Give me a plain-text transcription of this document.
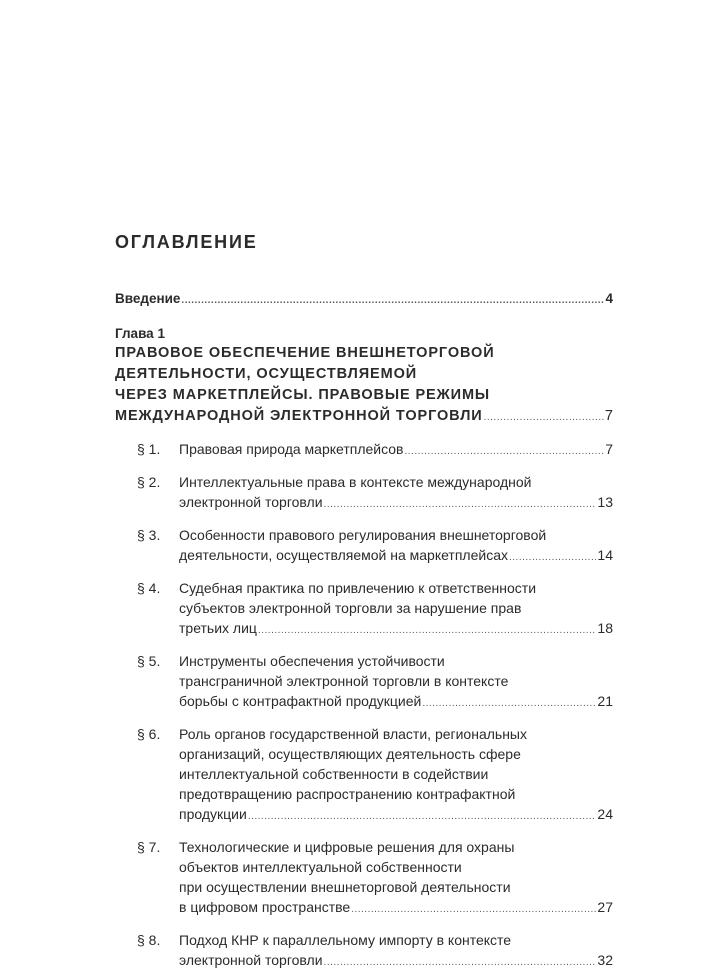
ОГЛАВЛЕНИЕ
Введение .....	4
Глава 1
ПРАВОВОЕ ОБЕСПЕЧЕНИЕ ВНЕШНЕТОРГОВОЙ
ДЕЯТЕЛЬНОСТИ, ОСУЩЕСТВЛЯЕМОЙ
ЧЕРЕЗ МАРКЕТПЛЕЙСЫ. ПРАВОВЫЕ РЕЖИМЫ
МЕЖДУНАРОДНОЙ ЭЛЕКТРОННОЙ ТОРГОВЛИ .....	7
§ 1. Правовая природа маркетплейсов .....	7
§ 2. Интеллектуальные права в контексте международной
электронной торговли .....	13
§ 3. Особенности правового регулирования внешнеторговой
деятельности, осуществляемой на маркетплейсах .....	14
§ 4. Судебная практика по привлечению к ответственности
субъектов электронной торговли за нарушение прав
третьих лиц .....	18
§ 5. Инструменты обеспечения устойчивости
трансграничной электронной торговли в контексте
борьбы с контрафактной продукцией .....	21
§ 6. Роль органов государственной власти, региональных
организаций, осуществляющих деятельность сфере
интеллектуальной собственности в содействии
предотвращению распространению контрафактной
продукции .....	24
§ 7. Технологические и цифровые решения для охраны
объектов интеллектуальной собственности
при осуществлении внешнеторговой деятельности
в цифровом пространстве .....	27
§ 8. Подход КНР к параллельному импорту в контексте
электронной торговли .....	32
